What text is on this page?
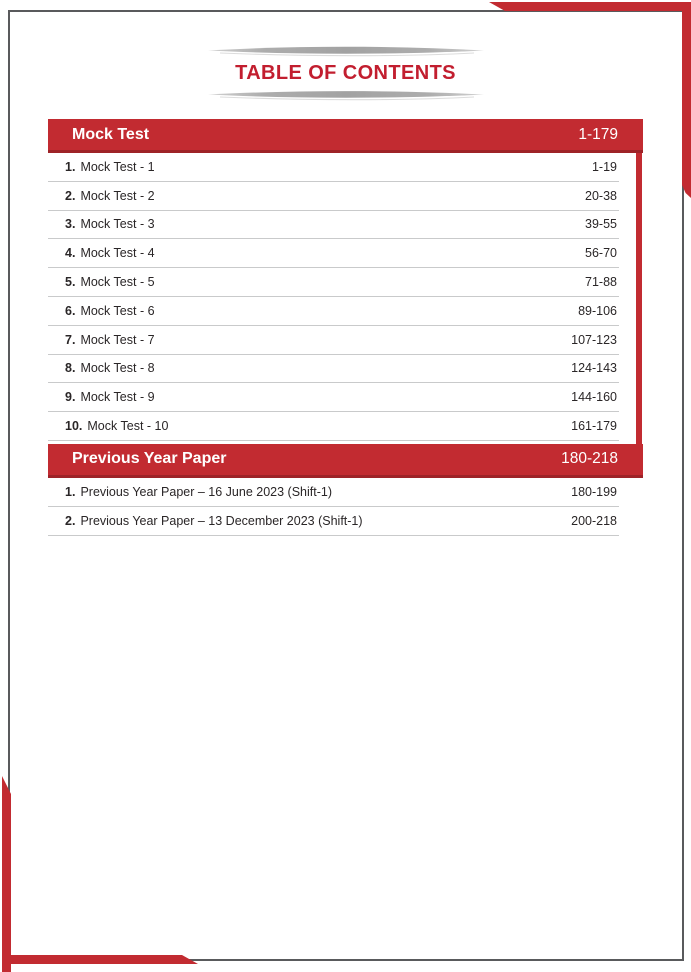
TABLE OF CONTENTS
Mock Test	1-179
1. Mock Test - 1	1-19
2. Mock Test - 2	20-38
3. Mock Test - 3	39-55
4. Mock Test - 4	56-70
5. Mock Test - 5	71-88
6. Mock Test - 6	89-106
7. Mock Test - 7	107-123
8. Mock Test - 8	124-143
9. Mock Test - 9	144-160
10. Mock Test - 10	161-179
Previous Year Paper	180-218
1. Previous Year Paper – 16 June 2023 (Shift-1)	180-199
2. Previous Year Paper – 13 December 2023 (Shift-1)	200-218
